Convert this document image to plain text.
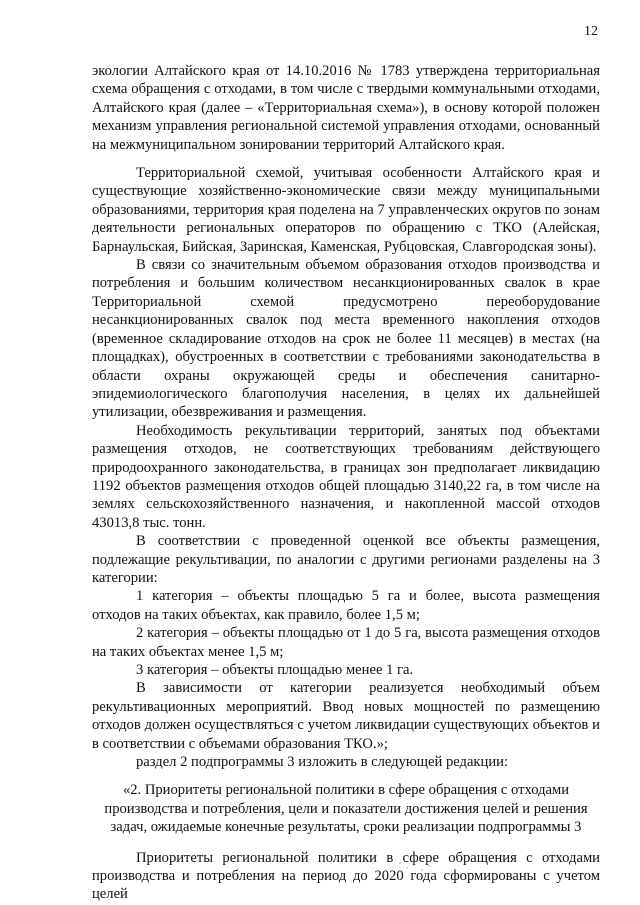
12

экологии Алтайского края от 14.10.2016 № 1783 утверждена территориальная схема обращения с отходами, в том числе с твердыми коммунальными отходами, Алтайского края (далее – «Территориальная схема»), в основу которой положен механизм управления региональной системой управления отходами, основанный на межмуниципальном зонировании территорий Алтайского края.

Территориальной схемой, учитывая особенности Алтайского края и существующие хозяйственно-экономические связи между муниципальными образованиями, территория края поделена на 7 управленческих округов по зонам деятельности региональных операторов по обращению с ТКО (Алейская, Барнаульская, Бийская, Заринская, Каменская, Рубцовская, Славгородская зоны).

В связи со значительным объемом образования отходов производства и потребления и большим количеством несанкционированных свалок в крае Территориальной схемой предусмотрено переоборудование несанкционированных свалок под места временного накопления отходов (временное складирование отходов на срок не более 11 месяцев) в местах (на площадках), обустроенных в соответствии с требованиями законодательства в области охраны окружающей среды и обеспечения санитарно-эпидемиологического благополучия населения, в целях их дальнейшей утилизации, обезвреживания и размещения.

Необходимость рекультивации территорий, занятых под объектами размещения отходов, не соответствующих требованиям действующего природоохранного законодательства, в границах зон предполагает ликвидацию 1192 объектов размещения отходов общей площадью 3140,22 га, в том числе на землях сельскохозяйственного назначения, и накопленной массой отходов 43013,8 тыс. тонн.

В соответствии с проведенной оценкой все объекты размещения, подлежащие рекультивации, по аналогии с другими регионами разделены на 3 категории:

1 категория – объекты площадью 5 га и более, высота размещения отходов на таких объектах, как правило, более 1,5 м;

2 категория – объекты площадью от 1 до 5 га, высота размещения отходов на таких объектах менее 1,5 м;

3 категория – объекты площадью менее 1 га.

В зависимости от категории реализуется необходимый объем рекультивационных мероприятий. Ввод новых мощностей по размещению отходов должен осуществляться с учетом ликвидации существующих объектов и в соответствии с объемами образования ТКО.»;

раздел 2 подпрограммы 3 изложить в следующей редакции:

«2. Приоритеты региональной политики в сфере обращения с отходами производства и потребления, цели и показатели достижения целей и решения задач, ожидаемые конечные результаты, сроки реализации подпрограммы 3

Приоритеты региональной политики в сфере обращения с отходами производства и потребления на период до 2020 года сформированы с учетом целей
